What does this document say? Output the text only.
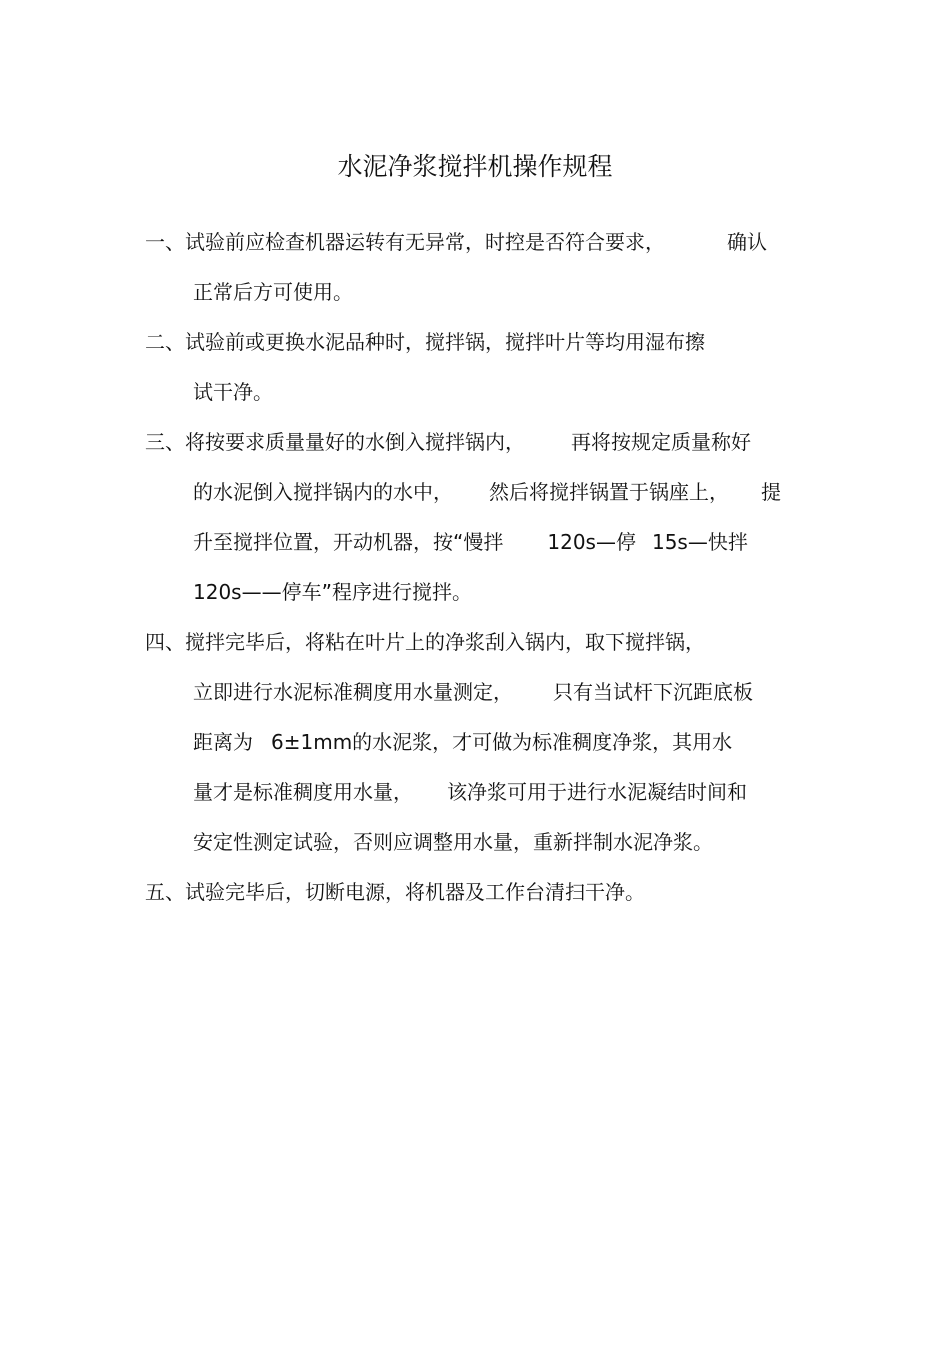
水泥净浆搅拌机操作规程
一、试验前应检查机器运转有无异常，时控是否符合要求，	确认
正常后方可使用。
二、试验前或更换水泥品种时，搅拌锅，搅拌叶片等均用湿布擦
试干净。
三、将按要求质量量好的水倒入搅拌锅内， 再将按规定质量称好
的水泥倒入搅拌锅内的水中， 然后将搅拌锅置于锅座上， 提
升至搅拌位置，开动机器，按“慢拌 120s—停 15s—快拌
120s——停车”程序进行搅拌。
四、搅拌完毕后，将粘在叶片上的净浆刮入锅内，取下搅拌锅，
立即进行水泥标准稠度用水量测定， 只有当试杆下沉距底板
距离为 6±1mm的水泥浆，才可做为标准稠度净浆，其用水
量才是标准稠度用水量， 该净浆可用于进行水泥凝结时间和
安定性测定试验，否则应调整用水量，重新拌制水泥净浆。
五、试验完毕后，切断电源，将机器及工作台清扫干净。
